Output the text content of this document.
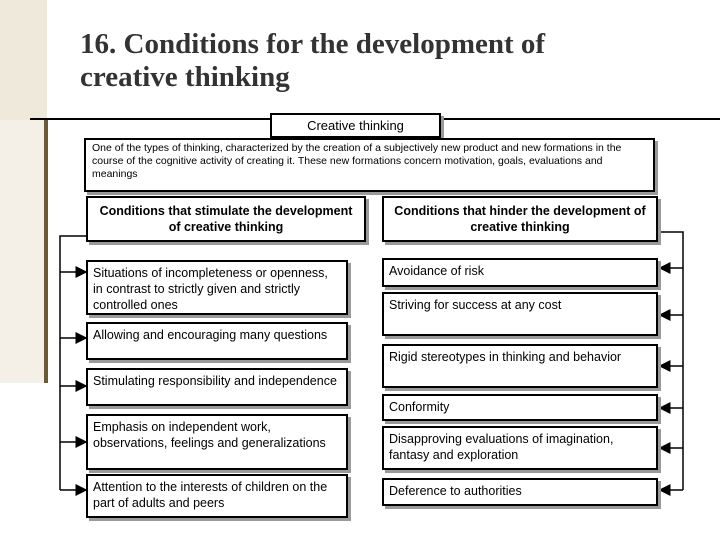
16. Conditions for the development of creative thinking
Creative thinking
One of the types of thinking, characterized by the creation of a subjectively new product and new formations in the course of the cognitive activity of creating it. These new formations concern motivation, goals, evaluations and meanings
Conditions that stimulate the development of creative thinking
Conditions that hinder the development of creative thinking
Situations of incompleteness or openness, in contrast to strictly given and strictly controlled ones
Allowing and encouraging many questions
Stimulating responsibility and independence
Emphasis on independent work, observations, feelings and generalizations
Attention to the interests of children on the part of adults and peers
Avoidance of risk
Striving for success at any cost
Rigid stereotypes in thinking and behavior
Conformity
Disapproving evaluations of imagination, fantasy and exploration
Deference to authorities
